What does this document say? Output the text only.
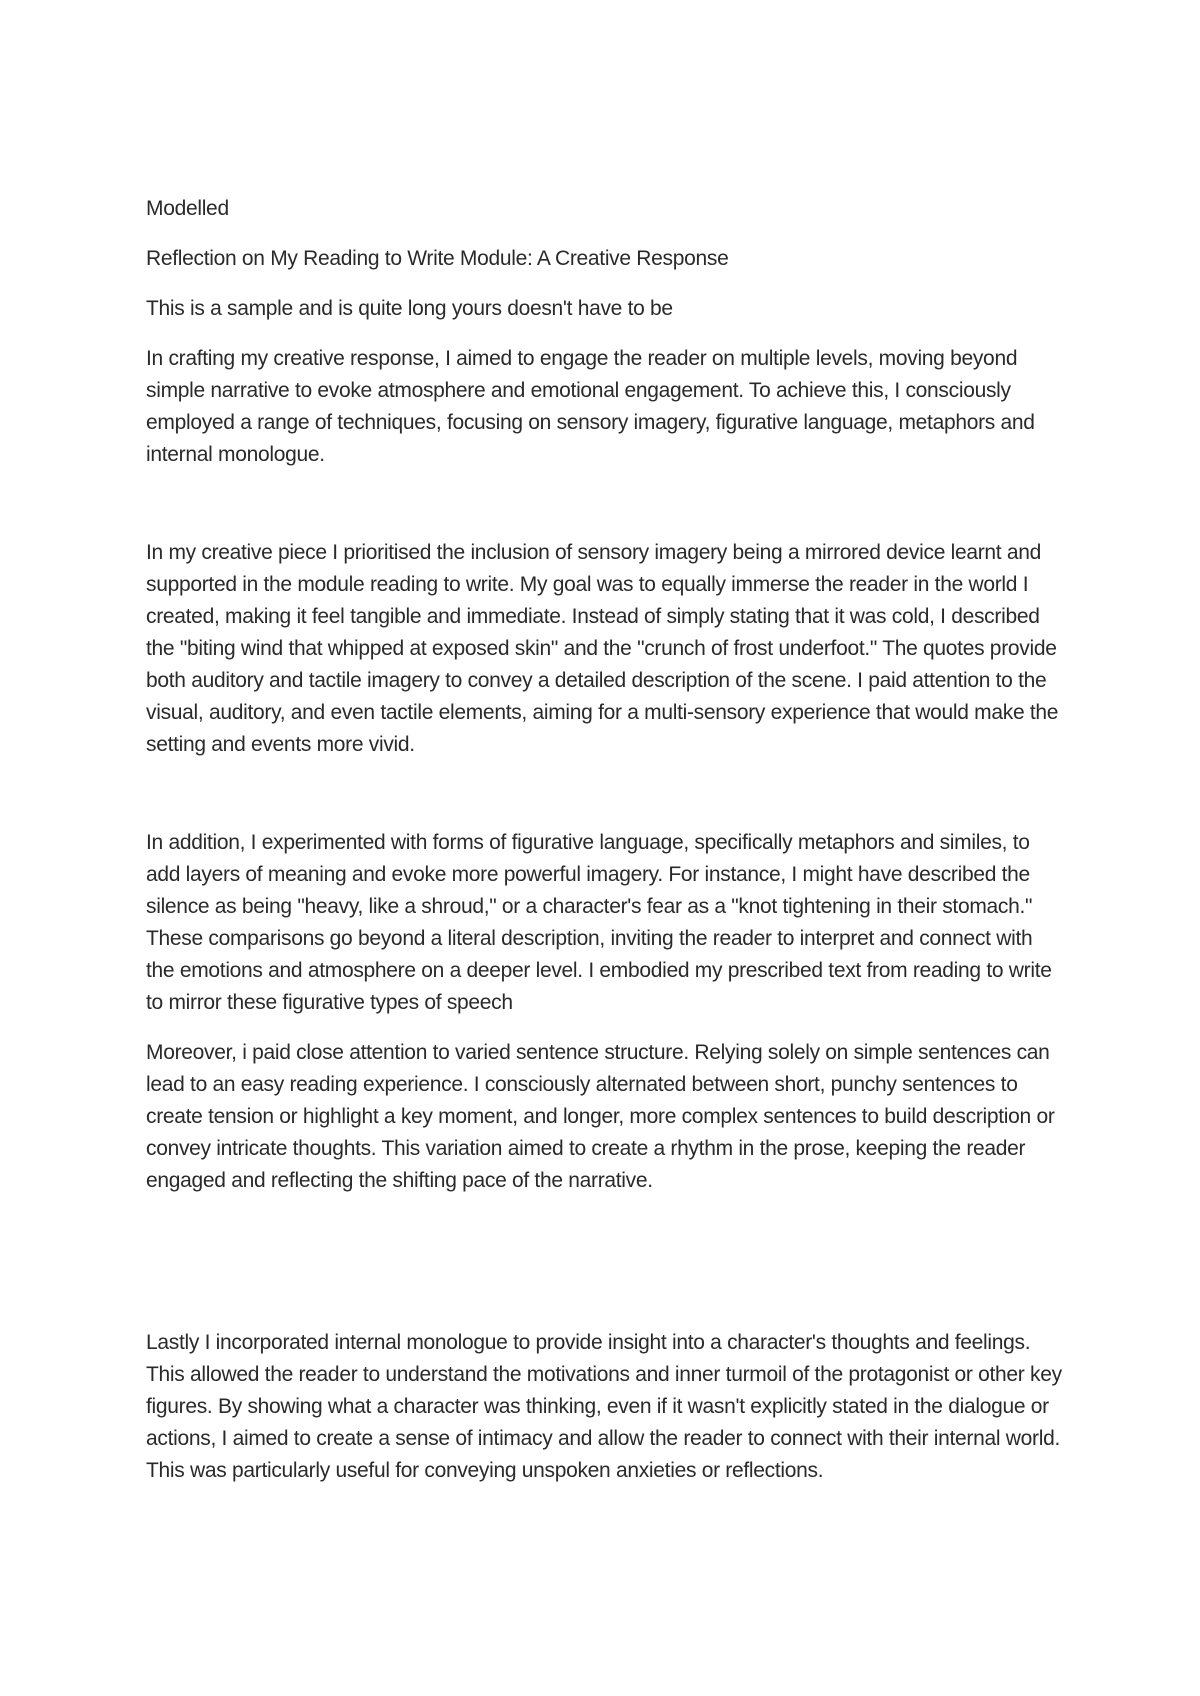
Modelled

Reflection on My Reading to Write Module: A Creative Response

This is a sample and is quite long yours doesn't have to be

In crafting my creative response, I aimed to engage the reader on multiple levels, moving beyond simple narrative to evoke atmosphere and emotional engagement. To achieve this, I consciously employed a range of techniques, focusing on sensory imagery, figurative language, metaphors and internal monologue.

In my creative piece I prioritised the inclusion of sensory imagery being a mirrored device learnt and supported in the module reading to write. My goal was to equally immerse the reader in the world I created, making it feel tangible and immediate. Instead of simply stating that it was cold, I described the "biting wind that whipped at exposed skin" and the "crunch of frost underfoot." The quotes provide both auditory and tactile imagery to convey a detailed description of the scene. I paid attention to the visual, auditory, and even tactile elements, aiming for a multi-sensory experience that would make the setting and events more vivid.

In addition, I experimented with forms of figurative language, specifically metaphors and similes, to add layers of meaning and evoke more powerful imagery. For instance, I might have described the silence as being "heavy, like a shroud," or a character's fear as a "knot tightening in their stomach." These comparisons go beyond a literal description, inviting the reader to interpret and connect with the emotions and atmosphere on a deeper level. I embodied my prescribed text from reading to write to mirror these figurative types of speech

Moreover, i paid close attention to varied sentence structure. Relying solely on simple sentences can lead to an easy reading experience. I consciously alternated between short, punchy sentences to create tension or highlight a key moment, and longer, more complex sentences to build description or convey intricate thoughts. This variation aimed to create a rhythm in the prose, keeping the reader engaged and reflecting the shifting pace of the narrative.

Lastly I incorporated internal monologue to provide insight into a character's thoughts and feelings. This allowed the reader to understand the motivations and inner turmoil of the protagonist or other key figures. By showing what a character was thinking, even if it wasn't explicitly stated in the dialogue or actions, I aimed to create a sense of intimacy and allow the reader to connect with their internal world. This was particularly useful for conveying unspoken anxieties or reflections.
